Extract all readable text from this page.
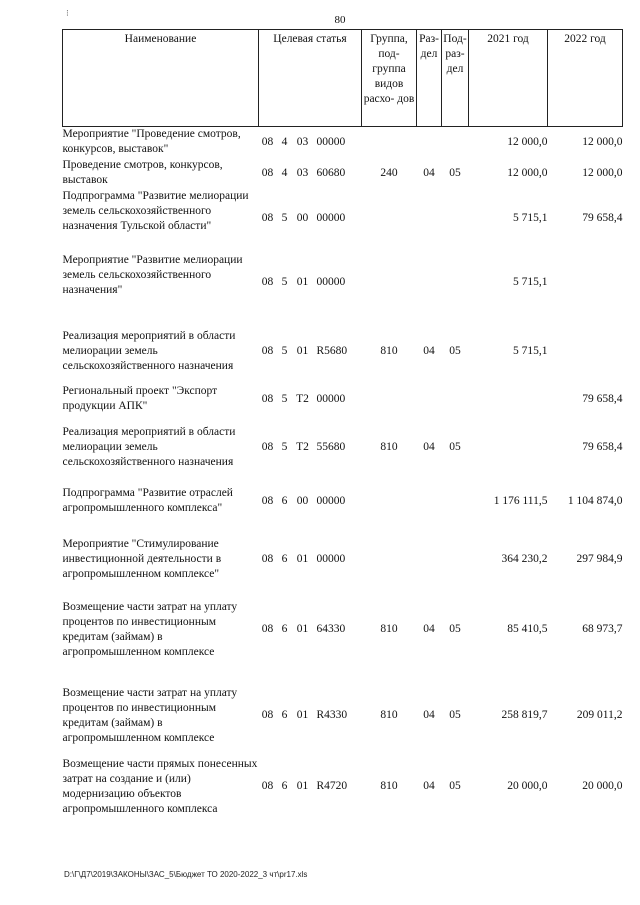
⁝
80
Наименование	Целевая статья	Группа, под- группа видов расхо- дов	Раз- дел	Под- раз- дел	2021 год	2022 год
Мероприятие "Проведение смотров, конкурсов, выставок"	08 4 03 00000				12 000,0	12 000,0
Проведение смотров, конкурсов, выставок	08 4 03 60680	240	04	05	12 000,0	12 000,0
Подпрограмма "Развитие мелиорации земель сельскохозяйственного назначения Тульской области"	08 5 00 00000				5 715,1	79 658,4
Мероприятие "Развитие мелиорации земель сельскохозяйственного назначения"	08 5 01 00000				5 715,1	
Реализация мероприятий в области мелиорации земель сельскохозяйственного назначения	08 5 01 R5680	810	04	05	5 715,1	
Региональный проект "Экспорт продукции АПК"	08 5 Т2 00000					79 658,4
Реализация мероприятий в области мелиорации земель сельскохозяйственного назначения	08 5 Т2 55680	810	04	05		79 658,4
Подпрограмма "Развитие отраслей агропромышленного комплекса"	08 6 00 00000				1 176 111,5	1 104 874,0
Мероприятие "Стимулирование инвестиционной деятельности в агропромышленном комплексе"	08 6 01 00000				364 230,2	297 984,9
Возмещение части затрат на уплату процентов по инвестиционным кредитам (займам) в агропромышленном комплексе	08 6 01 64330	810	04	05	85 410,5	68 973,7
Возмещение части затрат на уплату процентов по инвестиционным кредитам (займам) в агропромышленном комплексе	08 6 01 R4330	810	04	05	258 819,7	209 011,2
Возмещение части прямых понесенных затрат на создание и (или) модернизацию объектов агропромышленного комплекса	08 6 01 R4720	810	04	05	20 000,0	20 000,0
D:\Г\Д7\2019\ЗАКОНЫ\ЗАС_5\Бюджет ТО 2020-2022_3 чт\pr17.xls
